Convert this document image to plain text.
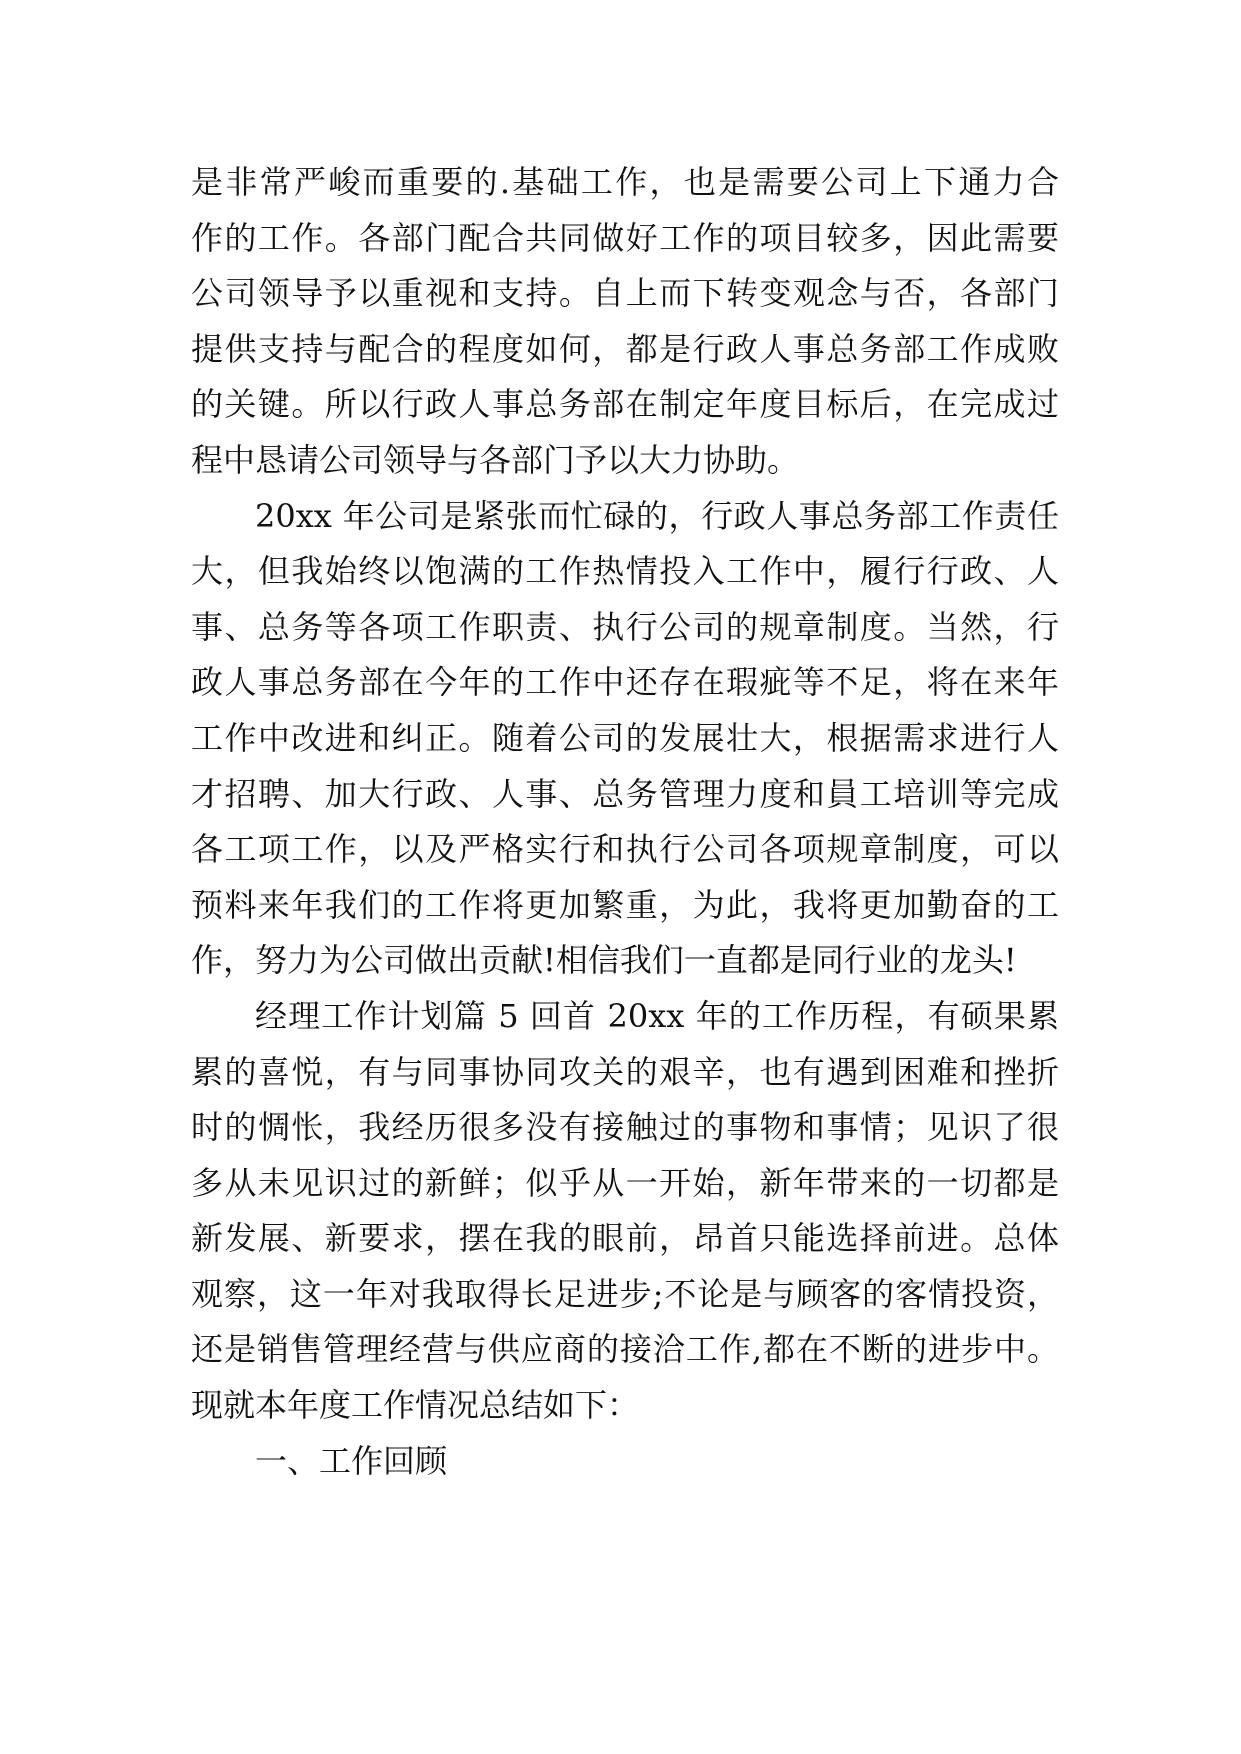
是非常严峻而重要的.基础工作，也是需要公司上下通力合
作的工作。各部门配合共同做好工作的项目较多，因此需要
公司领导予以重视和支持。自上而下转变观念与否，各部门
提供支持与配合的程度如何，都是行政人事总务部工作成败
的关键。所以行政人事总务部在制定年度目标后，在完成过
程中恳请公司领导与各部门予以大力协助。
20xx 年公司是紧张而忙碌的，行政人事总务部工作责任
大，但我始终以饱满的工作热情投入工作中，履行行政、人
事、总务等各项工作职责、执行公司的规章制度。当然，行
政人事总务部在今年的工作中还存在瑕疵等不足，将在来年
工作中改进和纠正。随着公司的发展壮大，根据需求进行人
才招聘、加大行政、人事、总务管理力度和員工培训等完成
各工项工作，以及严格实行和执行公司各项规章制度，可以
预料来年我们的工作将更加繁重，为此，我将更加勤奋的工
作，努力为公司做出贡献!相信我们一直都是同行业的龙头!
经理工作计划篇 5 回首 20xx 年的工作历程，有硕果累
累的喜悦，有与同事协同攻关的艰辛，也有遇到困难和挫折
时的惆怅，我经历很多没有接触过的事物和事情；见识了很
多从未见识过的新鲜；似乎从一开始，新年带来的一切都是
新发展、新要求，摆在我的眼前，昂首只能选择前进。总体
观察，这一年对我取得长足进步;不论是与顾客的客情投资，
还是销售管理经营与供应商的接洽工作,都在不断的进步中。
现就本年度工作情况总结如下：
一、工作回顾
